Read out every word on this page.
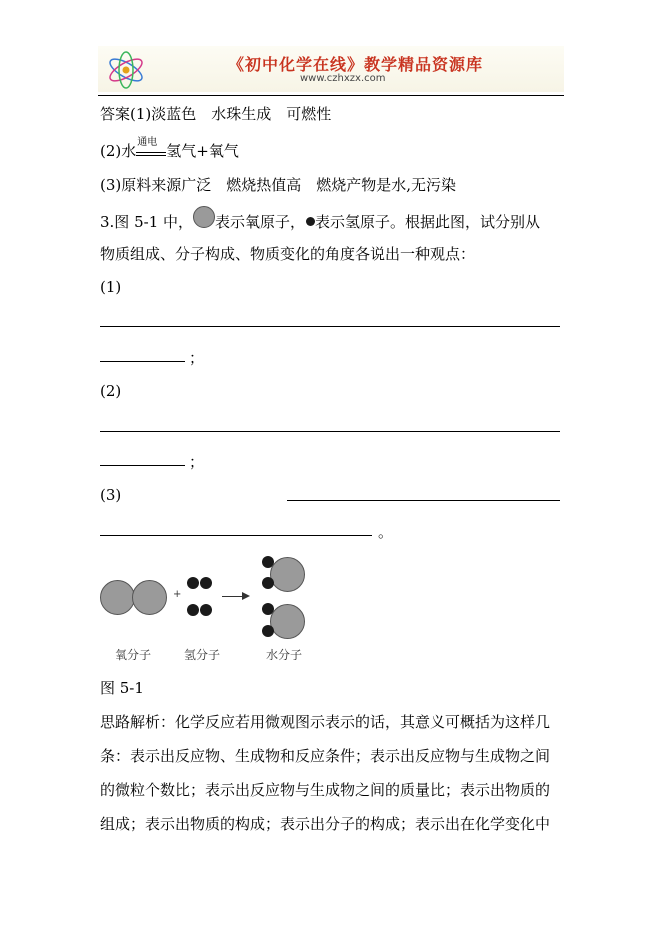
《初中化学在线》教学精品资源库
www.czhxzx.com
答案(1)淡蓝色　水珠生成　可燃性
(2)水 通电 氢气+氧气
(3)原料来源广泛　燃烧热值高　燃烧产物是水,无污染
3.图 5-1 中， 表示氧原子， 表示氢原子。根据此图，试分别从
物质组成、分子构成、物质变化的角度各说出一种观点：
(1)
；
(2)
；
(3)
。
+
氧分子	氢分子	水分子
图 5-1
思路解析：化学反应若用微观图示表示的话，其意义可概括为这样几
条：表示出反应物、生成物和反应条件；表示出反应物与生成物之间
的微粒个数比；表示出反应物与生成物之间的质量比；表示出物质的
组成；表示出物质的构成；表示出分子的构成；表示出在化学变化中
